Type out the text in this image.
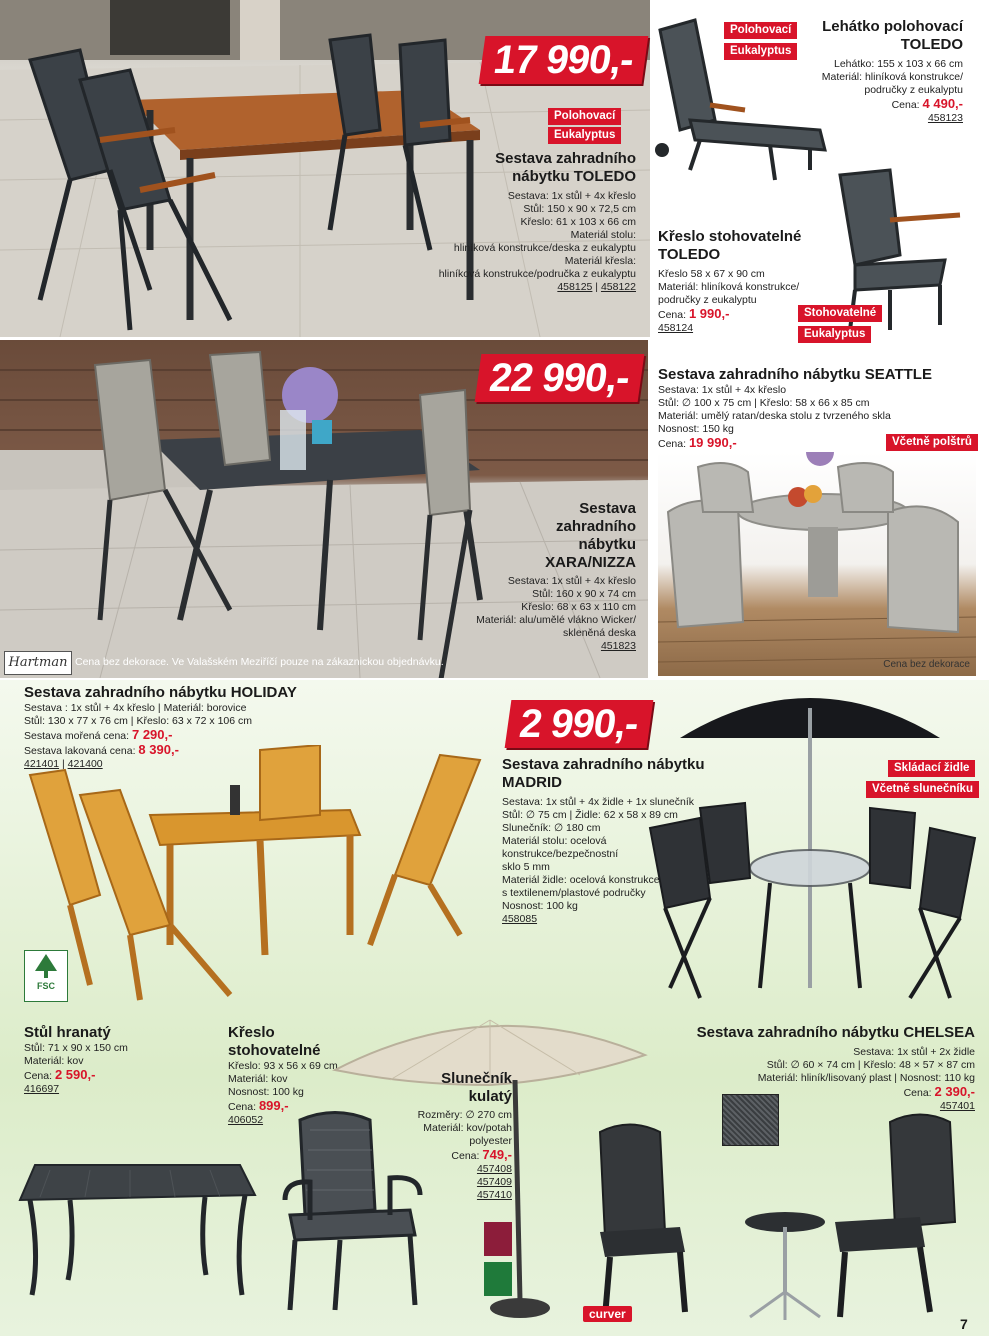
17 990,-
Polohovací
Eukalyptus
Sestava zahradního
nábytku TOLEDO
Sestava: 1x stůl + 4x křeslo
Stůl: 150 x 90 x 72,5 cm
Křeslo: 61 x 103 x 66 cm
Materiál stolu:
hliníková konstrukce/deska z eukalyptu
Materiál křesla:
hliníková konstrukce/područka z eukalyptu
458125 | 458122
Polohovací
Eukalyptus
Lehátko polohovací
TOLEDO
Lehátko: 155 x 103 x 66 cm
Materiál: hliníková konstrukce/
područky z eukalyptu
Cena: 4 490,-
458123
Křeslo stohovatelné
TOLEDO
Křeslo 58 x 67 x 90 cm
Materiál: hliníková konstrukce/
područky z eukalyptu
Cena: 1 990,-
458124
Stohovatelné
Eukalyptus
22 990,-
Sestava
zahradního
nábytku
XARA/NIZZA
Sestava: 1x stůl + 4x křeslo
Stůl: 160 x 90 x 74 cm
Křeslo: 68 x 63 x 110 cm
Materiál: alu/umělé vlákno Wicker/
skleněná deska
451823
Hartman Cena bez dekorace. Ve Valašském Meziříčí pouze na zákaznickou objednávku.
Sestava zahradního nábytku SEATTLE
Sestava: 1x stůl + 4x křeslo
Stůl: ∅ 100 x 75 cm | Křeslo: 58 x 66 x 85 cm
Materiál: umělý ratan/deska stolu z tvrzeného skla
Nosnost: 150 kg
Cena: 19 990,-	Včetně polštrů
Cena bez dekorace
Sestava zahradního nábytku HOLIDAY
Sestava : 1x stůl + 4x křeslo | Materiál: borovice
Stůl: 130 x 77 x 76 cm | Křeslo: 63 x 72 x 106 cm
Sestava mořená cena: 7 290,-
Sestava lakovaná cena: 8 390,-
421401 | 421400
FSC
2 990,-
Sestava zahradního nábytku
MADRID
Sestava: 1x stůl + 4x židle + 1x slunečník
Stůl: ∅ 75 cm | Židle: 62 x 58 x 89 cm
Slunečník: ∅ 180 cm
Materiál stolu: ocelová
konstrukce/bezpečnostní
sklo 5 mm
Materiál židle: ocelová konstrukce
s textilenem/plastové područky
Nosnost: 100 kg
458085
Skládací židle
Včetně slunečníku
Stůl hranatý
Stůl: 71 x 90 x 150 cm
Materiál: kov
Cena: 2 590,-
416697
Křeslo
stohovatelné
Křeslo: 93 x 56 x 69 cm
Materiál: kov
Nosnost: 100 kg
Cena: 899,-
406052
Slunečník
kulatý
Rozměry: ∅ 270 cm
Materiál: kov/potah
polyester
Cena: 749,-
457408
457409
457410
Sestava zahradního nábytku CHELSEA
Sestava: 1x stůl + 2x židle
Stůl: ∅ 60 × 74 cm | Křeslo: 48 × 57 × 87 cm
Materiál: hliník/lisovaný plast | Nosnost: 110 kg
Cena: 2 390,-
457401
curver
7
